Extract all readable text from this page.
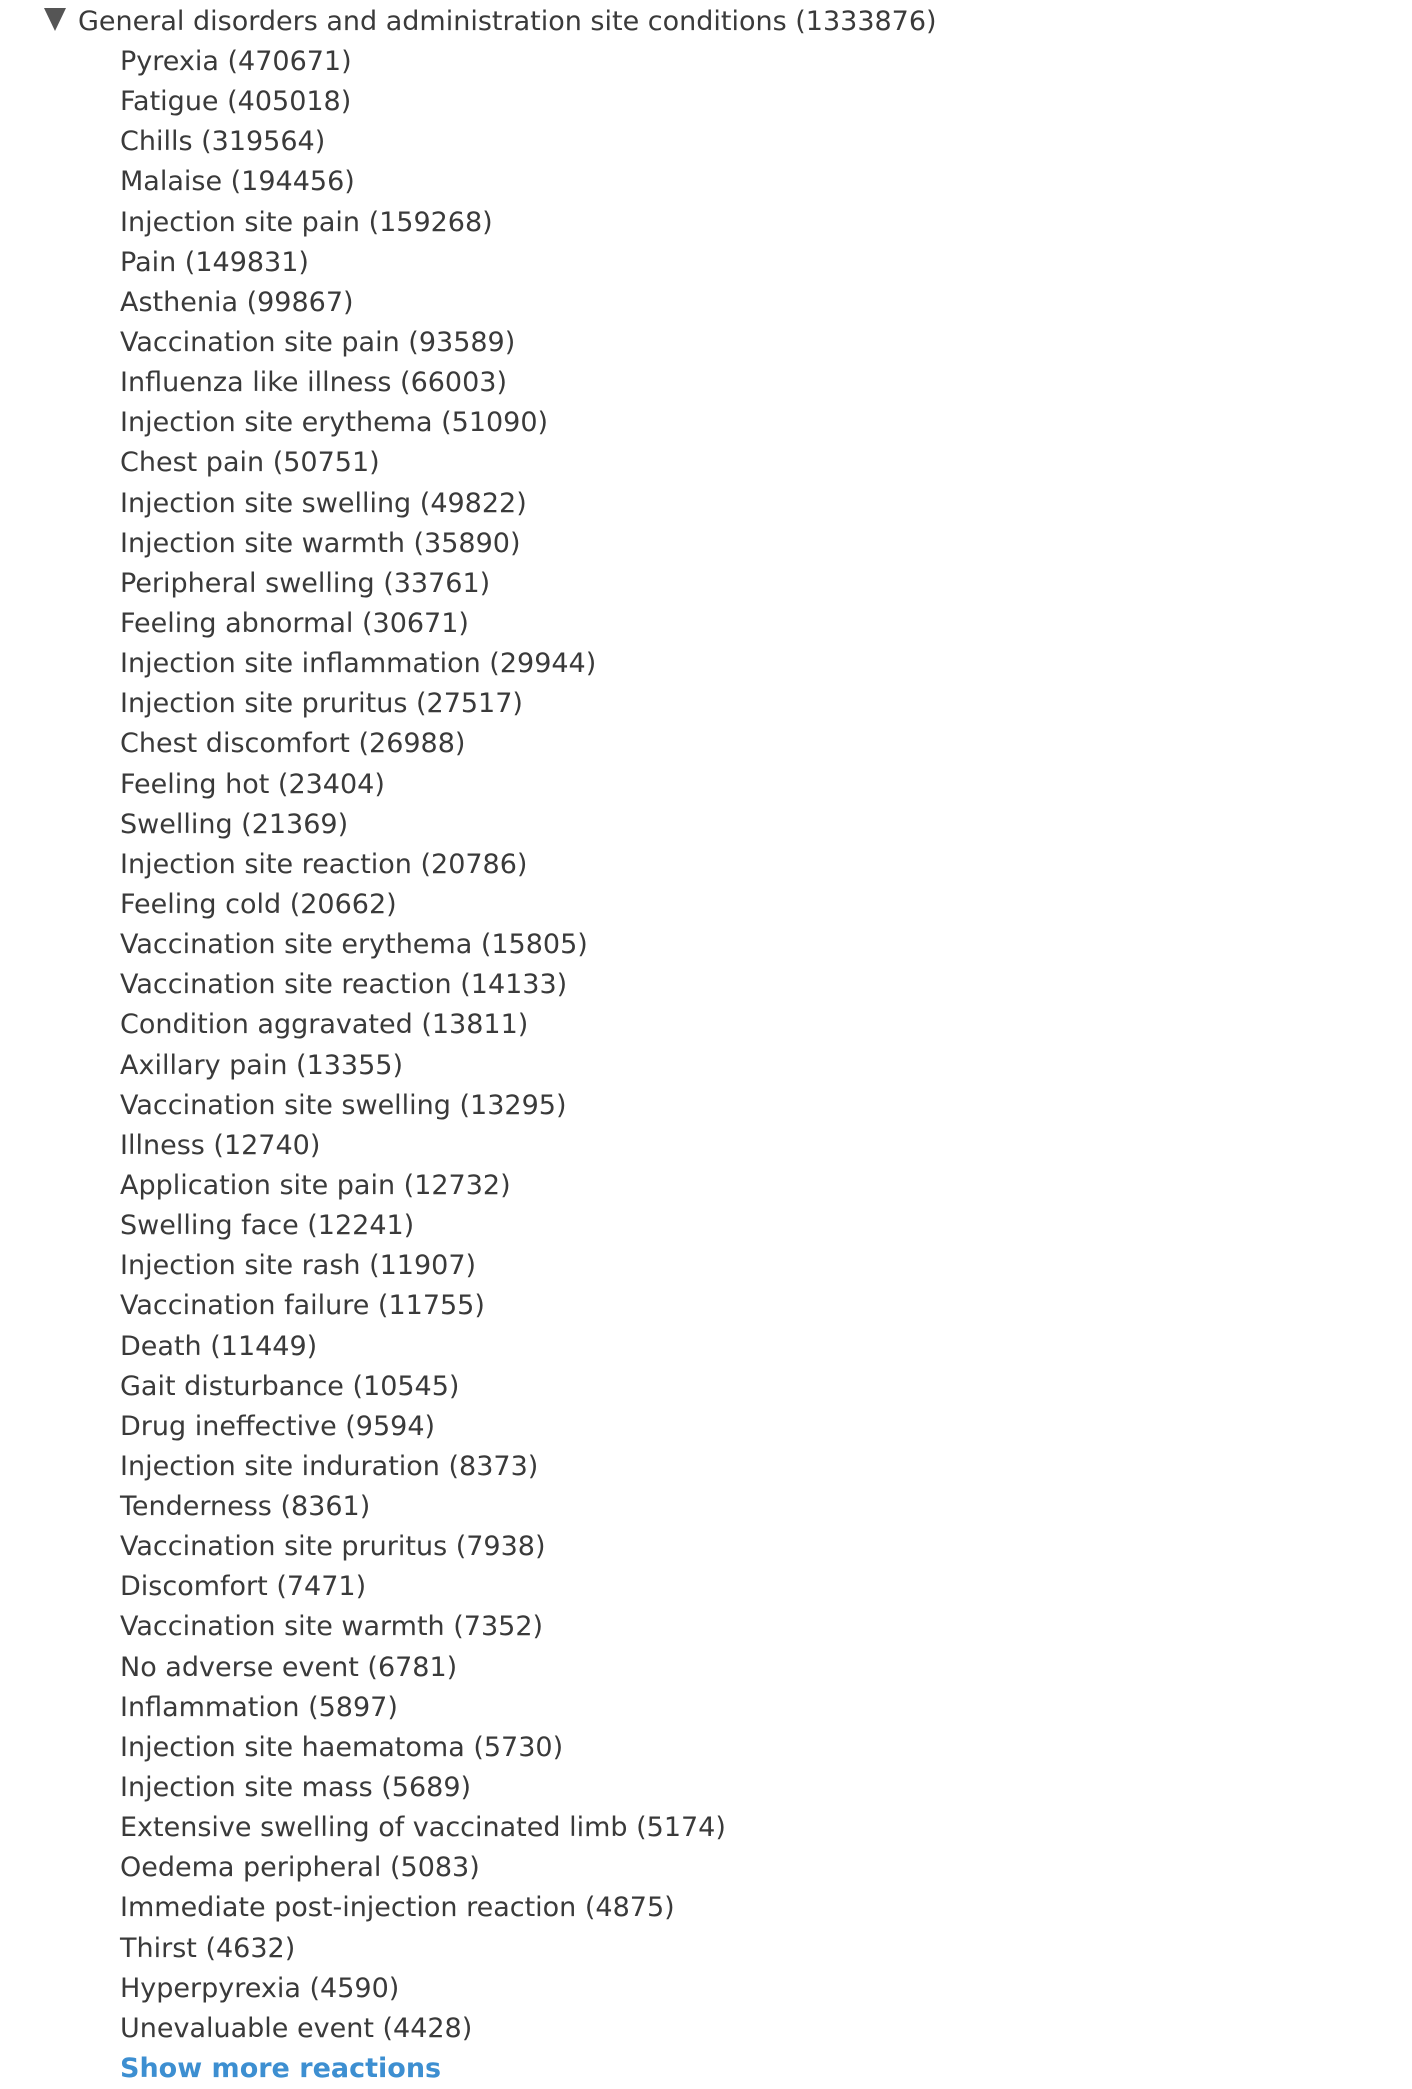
General disorders and administration site conditions (1333876)
Pyrexia (470671)
Fatigue (405018)
Chills (319564)
Malaise (194456)
Injection site pain (159268)
Pain (149831)
Asthenia (99867)
Vaccination site pain (93589)
Influenza like illness (66003)
Injection site erythema (51090)
Chest pain (50751)
Injection site swelling (49822)
Injection site warmth (35890)
Peripheral swelling (33761)
Feeling abnormal (30671)
Injection site inflammation (29944)
Injection site pruritus (27517)
Chest discomfort (26988)
Feeling hot (23404)
Swelling (21369)
Injection site reaction (20786)
Feeling cold (20662)
Vaccination site erythema (15805)
Vaccination site reaction (14133)
Condition aggravated (13811)
Axillary pain (13355)
Vaccination site swelling (13295)
Illness (12740)
Application site pain (12732)
Swelling face (12241)
Injection site rash (11907)
Vaccination failure (11755)
Death (11449)
Gait disturbance (10545)
Drug ineffective (9594)
Injection site induration (8373)
Tenderness (8361)
Vaccination site pruritus (7938)
Discomfort (7471)
Vaccination site warmth (7352)
No adverse event (6781)
Inflammation (5897)
Injection site haematoma (5730)
Injection site mass (5689)
Extensive swelling of vaccinated limb (5174)
Oedema peripheral (5083)
Immediate post-injection reaction (4875)
Thirst (4632)
Hyperpyrexia (4590)
Unevaluable event (4428)
Show more reactions
